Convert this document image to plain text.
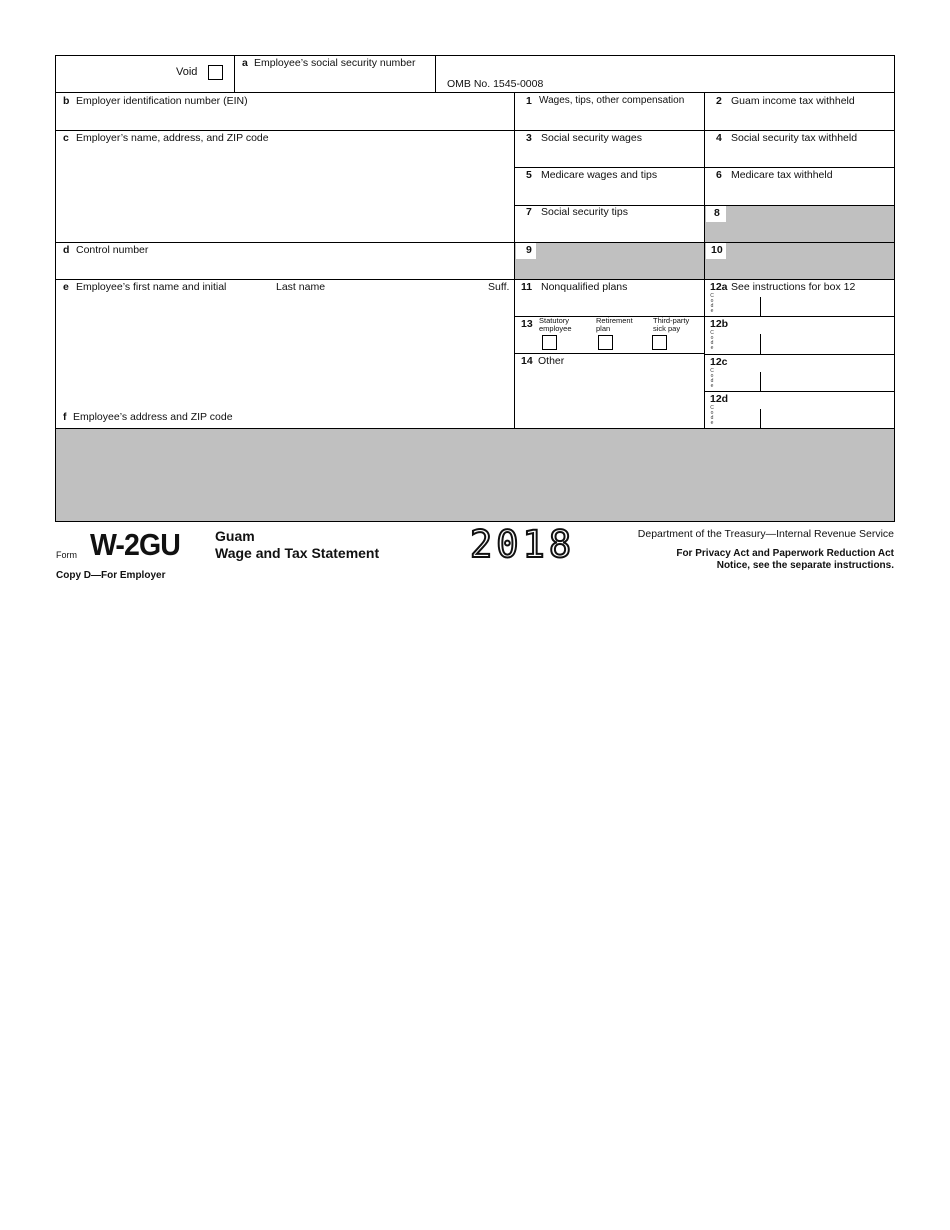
Void
a Employee’s social security number
OMB No. 1545-0008
b Employer identification number (EIN)
c Employer’s name, address, and ZIP code
d Control number
e Employee’s first name and initial	Last name	Suff.
f Employee’s address and ZIP code
1 Wages, tips, other compensation	2 Guam income tax withheld
3 Social security wages	4 Social security tax withheld
5 Medicare wages and tips	6 Medicare tax withheld
7 Social security tips	8
9	10
11 Nonqualified plans	12a See instructions for box 12
C
o
d
e
12b
C
o
d
e
12c
C
o
d
e
12d
C
o
d
e
13 Statutory
employee
Retirement
plan
Third-party
sick pay
14 Other
Form W-2GU	Guam
Wage and Tax Statement 2018	Department of the Treasury—Internal Revenue Service
For Privacy Act and Paperwork Reduction Act
Notice, see the separate instructions.
Copy D—For Employer
